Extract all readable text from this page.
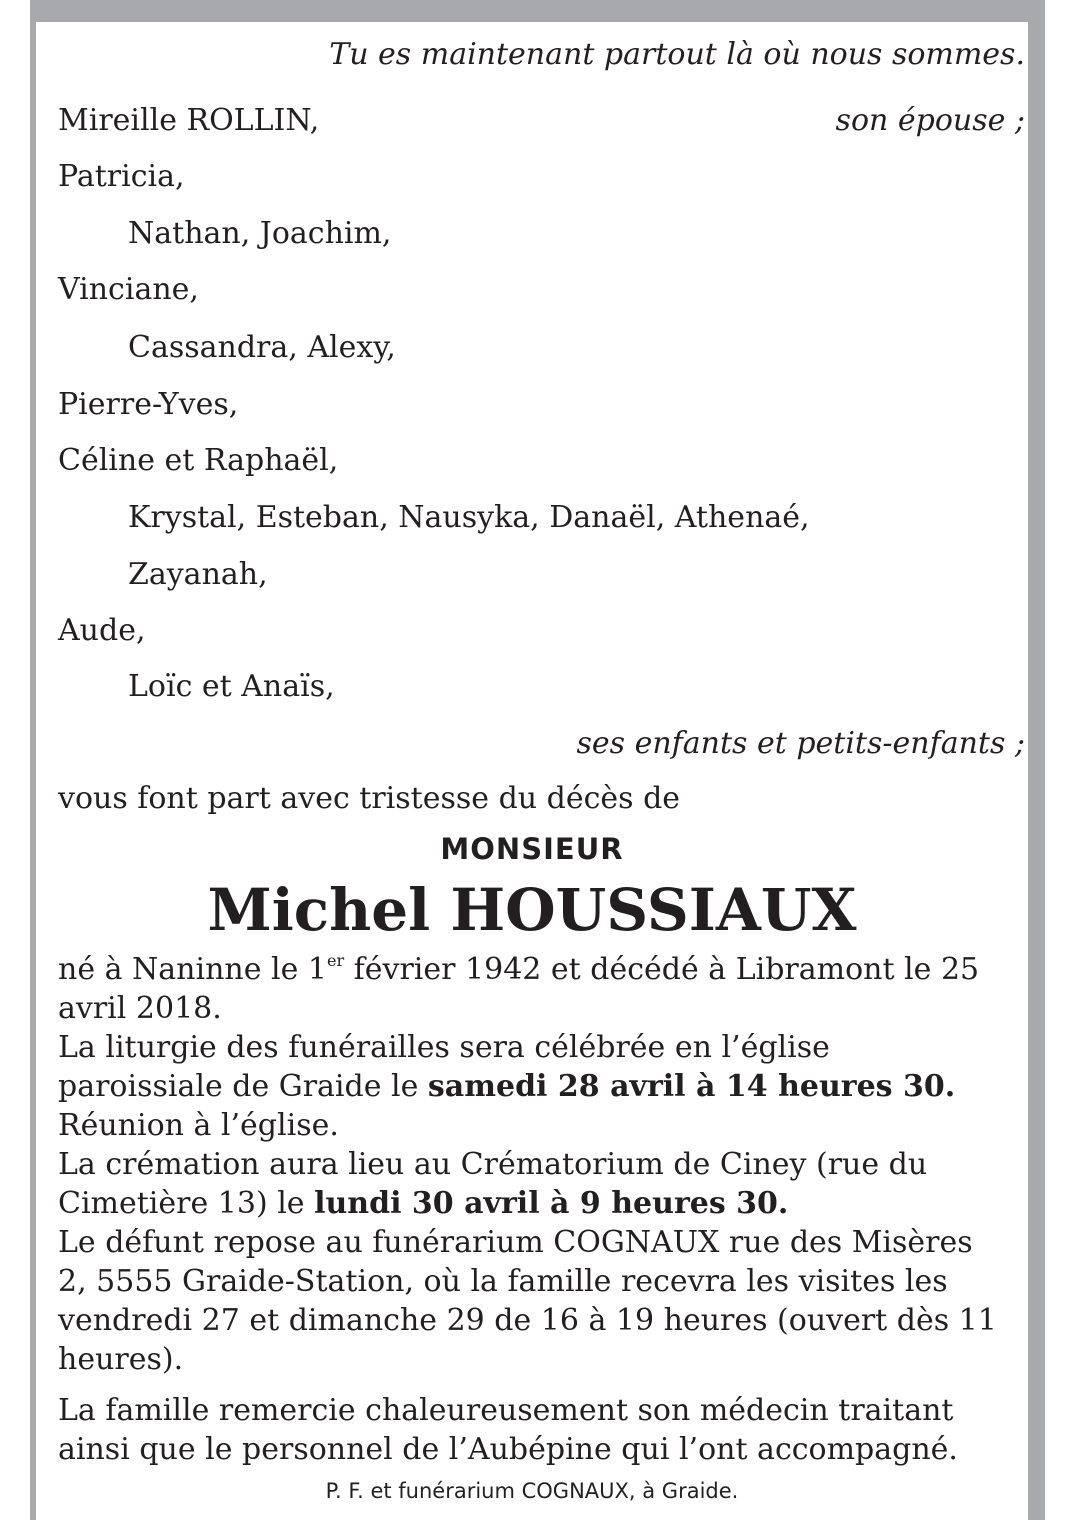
Tu es maintenant partout là où nous sommes.
Mireille ROLLIN,	son épouse ;
Patricia,
Nathan, Joachim,
Vinciane,
Cassandra, Alexy,
Pierre-Yves,
Céline et Raphaël,
Krystal, Esteban, Nausyka, Danaël, Athenaé,
Zayanah,
Aude,
Loïc et Anaïs,
ses enfants et petits-enfants ;
vous font part avec tristesse du décès de
MONSIEUR
Michel HOUSSIAUX

né à Naninne le 1er février 1942 et décédé à Libramont le 25 avril 2018.

La liturgie des funérailles sera célébrée en l’église paroissiale de Graide le samedi 28 avril à 14 heures 30.

Réunion à l’église.

La crémation aura lieu au Crématorium de Ciney (rue du Cimetière 13) le lundi 30 avril à 9 heures 30.

Le défunt repose au funérarium COGNAUX rue des Misères 2, 5555 Graide-Station, où la famille recevra les visites les vendredi 27 et dimanche 29 de 16 à 19 heures (ouvert dès 11 heures).

La famille remercie chaleureusement son médecin traitant ainsi que le personnel de l’Aubépine qui l’ont accompagné.
P. F. et funérarium COGNAUX, à Graide.
